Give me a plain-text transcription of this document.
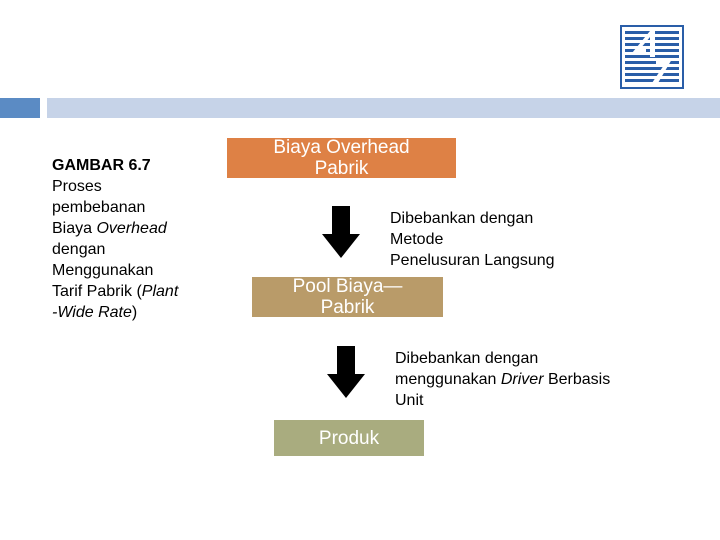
GAMBAR 6.7
Proses
pembebanan
Biaya Overhead
dengan
Menggunakan
Tarif Pabrik (Plant
-Wide Rate)
Biaya Overhead
Pabrik
Dibebankan dengan
Metode
Penelusuran Langsung
Pool Biaya—
Pabrik
Dibebankan dengan
menggunakan Driver Berbasis
Unit
Produk
